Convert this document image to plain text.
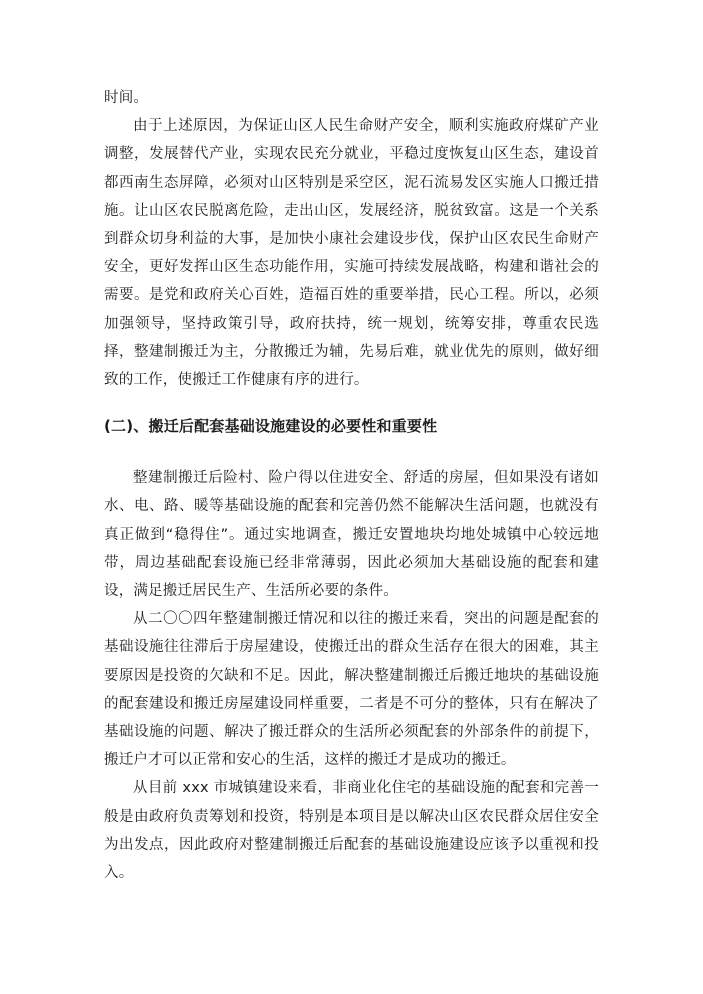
时间。

由于上述原因，为保证山区人民生命财产安全，顺利实施政府煤矿产业调整，发展替代产业，实现农民充分就业，平稳过度恢复山区生态，建设首都西南生态屏障，必须对山区特别是采空区，泥石流易发区实施人口搬迁措施。让山区农民脱离危险，走出山区，发展经济，脱贫致富。这是一个关系到群众切身利益的大事，是加快小康社会建设步伐，保护山区农民生命财产安全，更好发挥山区生态功能作用，实施可持续发展战略，构建和谐社会的需要。是党和政府关心百姓，造福百姓的重要举措，民心工程。所以，必须加强领导，坚持政策引导，政府扶持，统一规划，统筹安排，尊重农民选择，整建制搬迁为主，分散搬迁为辅，先易后难，就业优先的原则，做好细致的工作，使搬迁工作健康有序的进行。

(二)、搬迁后配套基础设施建设的必要性和重要性

整建制搬迁后险村、险户得以住进安全、舒适的房屋，但如果没有诸如水、电、路、暖等基础设施的配套和完善仍然不能解决生活问题，也就没有真正做到“稳得住”。通过实地调查，搬迁安置地块均地处城镇中心较远地带，周边基础配套设施已经非常薄弱，因此必须加大基础设施的配套和建设，满足搬迁居民生产、生活所必要的条件。

从二〇〇四年整建制搬迁情况和以往的搬迁来看，突出的问题是配套的基础设施往往滞后于房屋建设，使搬迁出的群众生活存在很大的困难，其主要原因是投资的欠缺和不足。因此，解决整建制搬迁后搬迁地块的基础设施的配套建设和搬迁房屋建设同样重要，二者是不可分的整体，只有在解决了基础设施的问题、解决了搬迁群众的生活所必须配套的外部条件的前提下，搬迁户才可以正常和安心的生活，这样的搬迁才是成功的搬迁。

从目前 xxx 市城镇建设来看，非商业化住宅的基础设施的配套和完善一般是由政府负责筹划和投资，特别是本项目是以解决山区农民群众居住安全为出发点，因此政府对整建制搬迁后配套的基础设施建设应该予以重视和投入。
